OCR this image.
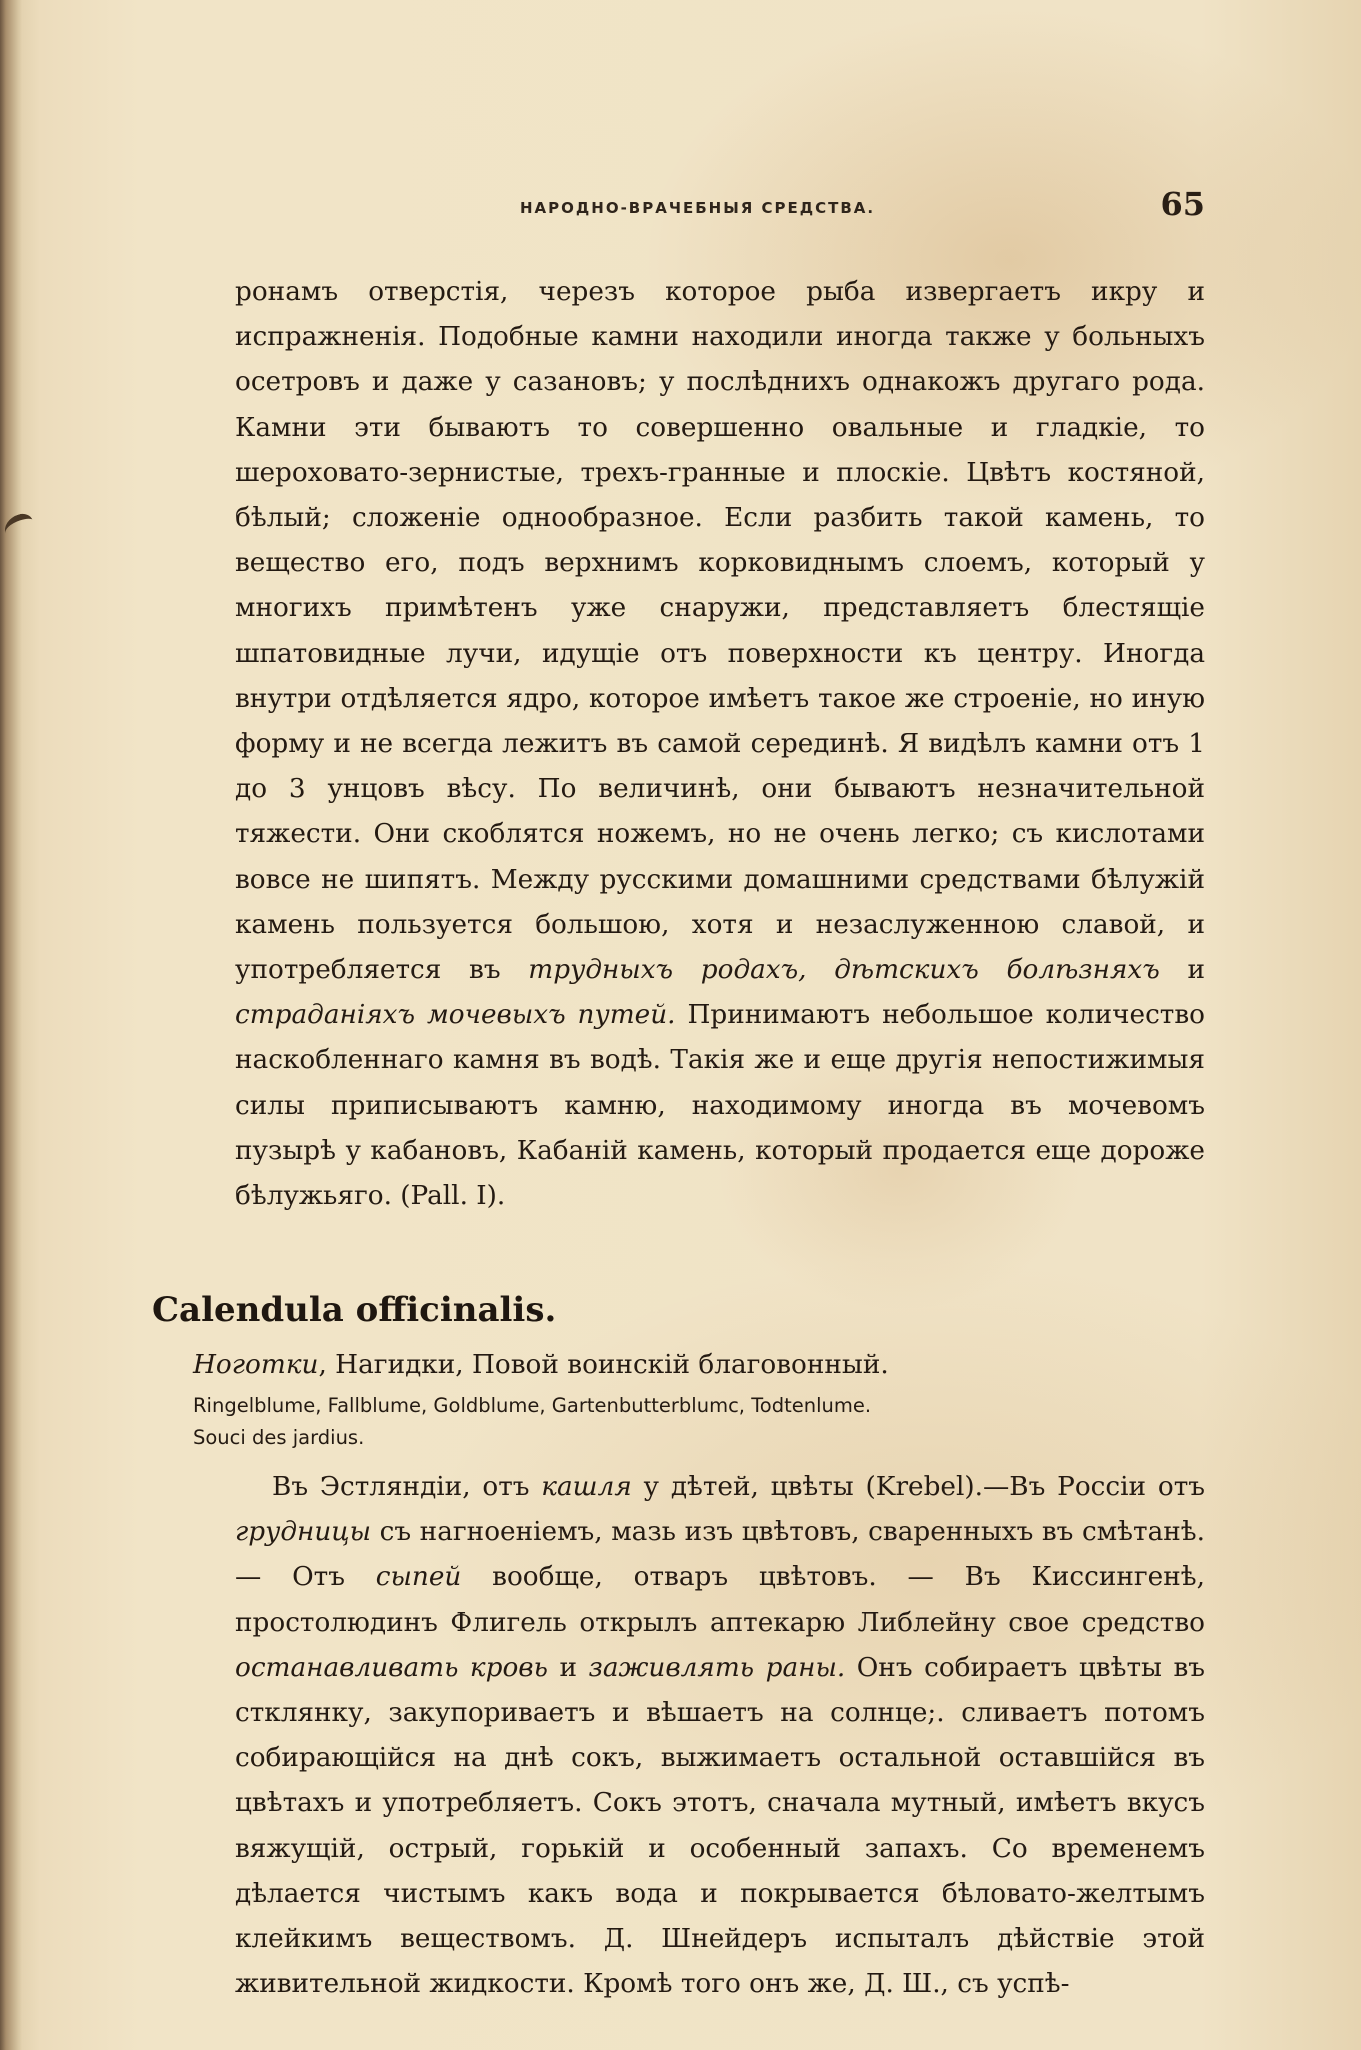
НАРОДНО-ВРАЧЕБНЫЯ СРЕДСТВА.	65

ронамъ отверстія, черезъ которое рыба извергаетъ икру и испражненія. Подобные камни находили иногда также у больныхъ осетровъ и даже у сазановъ; у послѣднихъ однакожъ другаго рода. Камни эти бываютъ то совершенно овальные и гладкіе, то шероховато-зернистые, трехъ-гранные и плоскіе. Цвѣтъ костяной, бѣлый; сложеніе однообразное. Если разбить такой камень, то вещество его, подъ верхнимъ корковиднымъ слоемъ, который у многихъ примѣтенъ уже снаружи, представляетъ блестящіе шпатовидные лучи, идущіе отъ поверхности къ центру. Иногда внутри отдѣляется ядро, которое имѣетъ такое же строеніе, но иную форму и не всегда лежитъ въ самой серединѣ. Я видѣлъ камни отъ 1 до 3 унцовъ вѣсу. По величинѣ, они бываютъ незначительной тяжести. Они скоблятся ножемъ, но не очень легко; съ кислотами вовсе не шипятъ. Между русскими домашними средствами бѣлужій камень пользуется большою, хотя и незаслуженною славой, и употребляется въ трудныхъ родахъ, дѣтскихъ болѣзняхъ и страданіяхъ мочевыхъ путей. Принимаютъ небольшое количество наскобленнаго камня въ водѣ. Такія же и еще другія непостижимыя силы приписываютъ камню, находимому иногда въ мочевомъ пузырѣ у кабановъ, Кабаній камень, который продается еще дороже бѣлужьяго. (Pall. I).

Calendula officinalis.
Ноготки, Нагидки, Повой воинскій благовонный.
Ringelblume, Fallblume, Goldblume, Gartenbutterblumc, Todtenlume.
Souci des jardius.

Въ Эстляндіи, отъ кашля у дѣтей, цвѣты (Krebel).—Въ Россіи отъ грудницы съ нагноеніемъ, мазь изъ цвѣтовъ, сваренныхъ въ смѣтанѣ. — Отъ сыпей вообще, отваръ цвѣтовъ. — Въ Киссингенѣ, простолюдинъ Флигель открылъ аптекарю Либлейну свое средство останавливать кровь и заживлять раны. Онъ собираетъ цвѣты въ стклянку, закупориваетъ и вѣшаетъ на солнце;. сливаетъ потомъ собирающійся на днѣ сокъ, выжимаетъ остальной оставшійся въ цвѣтахъ и употребляетъ. Сокъ этотъ, сначала мутный, имѣетъ вкусъ вяжущій, острый, горькій и особенный запахъ. Со временемъ дѣлается чистымъ какъ вода и покрывается бѣловато-желтымъ клейкимъ веществомъ. Д. Шнейдеръ испыталъ дѣйствіе этой живительной жидкости. Кромѣ того онъ же, Д. Ш., съ успѣ-
